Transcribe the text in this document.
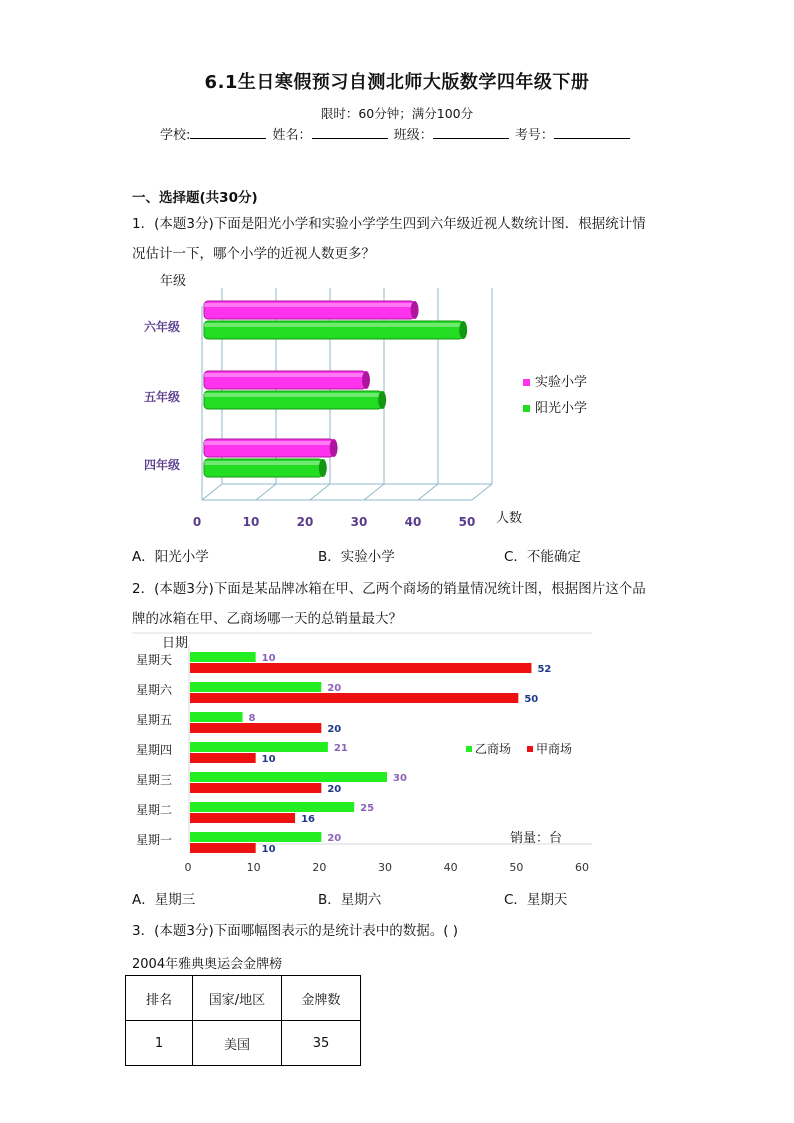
6.1生日寒假预习自测北师大版数学四年级下册
限时：60分钟；满分100分
学校:	姓名：	班级：	考号：
一、选择题(共30分)
1．(本题3分)下面是阳光小学和实验小学学生四到六年级近视人数统计图．根据统计情
况估计一下，哪个小学的近视人数更多？
0	10	20	30	40	50
六年级
五年级
四年级
年级
人数
实验小学
阳光小学
A．阳光小学	B．实验小学	C．不能确定
2．(本题3分)下面是某品牌冰箱在甲、乙两个商场的销量情况统计图，根据图片这个品
牌的冰箱在甲、乙商场哪一天的总销量最大？
0	10	20	30	40	50	60
星期天	10
52
星期六	20
50
星期五	8
20
星期四	21
10
星期三	30
20
星期二	25
16
星期一	20
10
日期
销量：台
乙商场 甲商场
A．星期三	B．星期六	C．星期天
3．(本题3分)下面哪幅图表示的是统计表中的数据。( )
2004年雅典奥运会金牌榜
排名	国家/地区	金牌数
1	美国	35
